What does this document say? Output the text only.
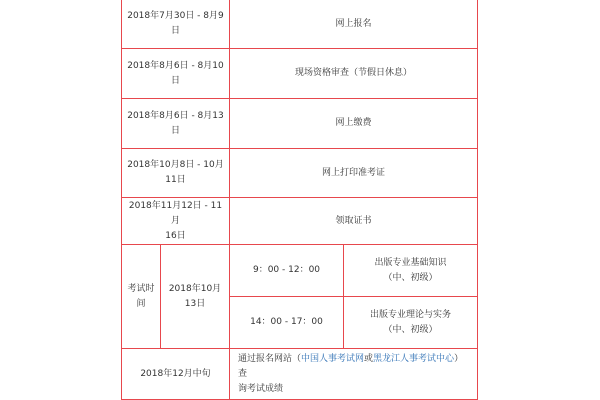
2018年7月30日 - 8月9
日
网上报名
2018年8月6日 - 8月10
日
现场资格审查（节假日休息）
2018年8月6日 - 8月13
日
网上缴费
2018年10月8日 - 10月
11日
网上打印准考证
2018年11月12日 - 11月
16日
领取证书
考试时
间
2018年10月
13日
9：00 - 12：00
出版专业基础知识
（中、初级）
14：00 - 17：00
出版专业理论与实务
（中、初级）
2018年12月中旬
通过报名网站（中国人事考试网或黑龙江人事考试中心）查
询考试成绩
